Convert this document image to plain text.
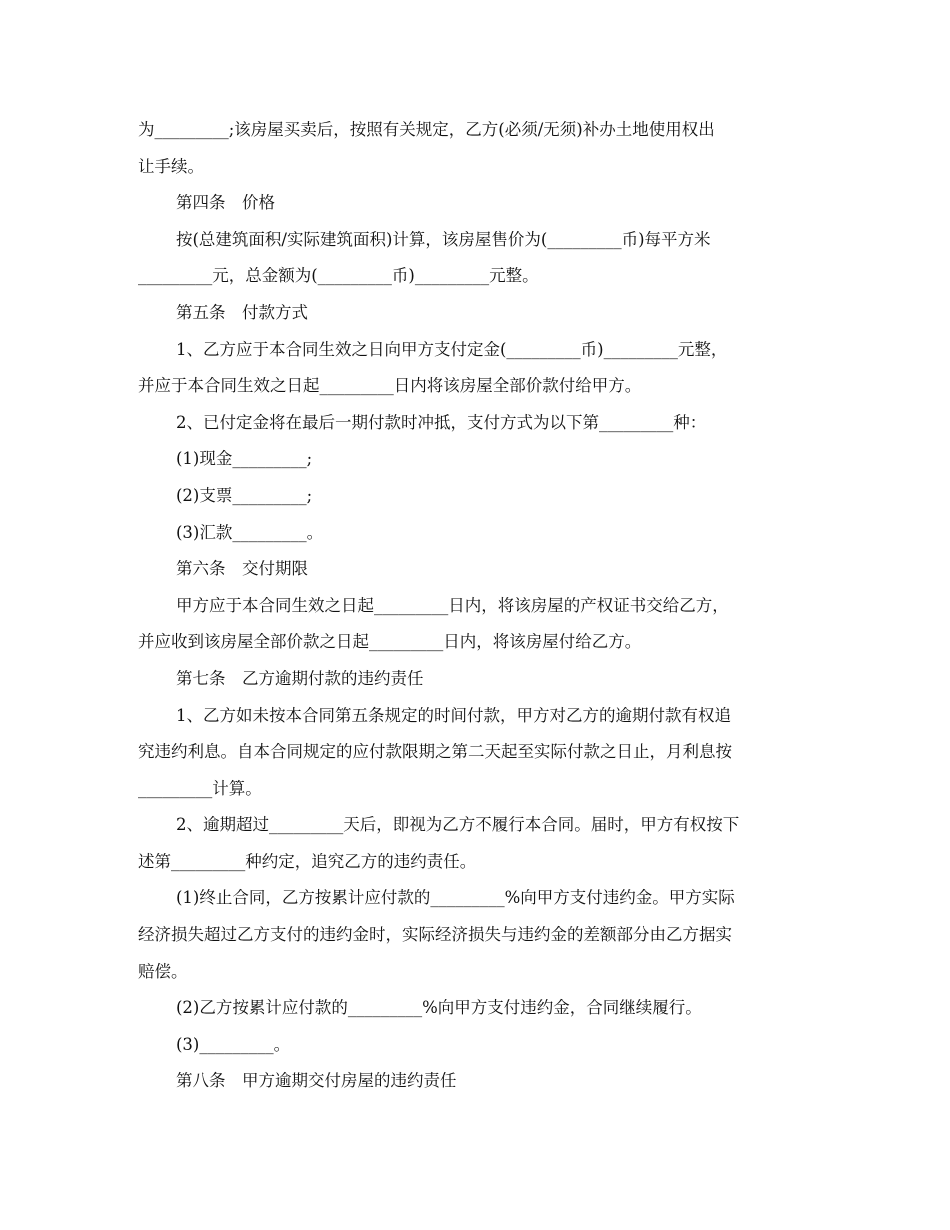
为_________;该房屋买卖后，按照有关规定，乙方(必须/无须)补办土地使用权出
让手续。
第四条　价格
按(总建筑面积/实际建筑面积)计算，该房屋售价为(_________币)每平方米
_________元，总金额为(_________币)_________元整。
第五条　付款方式
1、乙方应于本合同生效之日向甲方支付定金(_________币)_________元整，
并应于本合同生效之日起_________日内将该房屋全部价款付给甲方。
2、已付定金将在最后一期付款时冲抵，支付方式为以下第_________种：
(1)现金_________;
(2)支票_________;
(3)汇款_________。
第六条　交付期限
甲方应于本合同生效之日起_________日内，将该房屋的产权证书交给乙方，
并应收到该房屋全部价款之日起_________日内，将该房屋付给乙方。
第七条　乙方逾期付款的违约责任
1、乙方如未按本合同第五条规定的时间付款，甲方对乙方的逾期付款有权追
究违约利息。自本合同规定的应付款限期之第二天起至实际付款之日止，月利息按
_________计算。
2、逾期超过_________天后，即视为乙方不履行本合同。届时，甲方有权按下
述第_________种约定，追究乙方的违约责任。
(1)终止合同，乙方按累计应付款的_________%向甲方支付违约金。甲方实际
经济损失超过乙方支付的违约金时，实际经济损失与违约金的差额部分由乙方据实
赔偿。
(2)乙方按累计应付款的_________%向甲方支付违约金，合同继续履行。
(3)_________。
第八条　甲方逾期交付房屋的违约责任
